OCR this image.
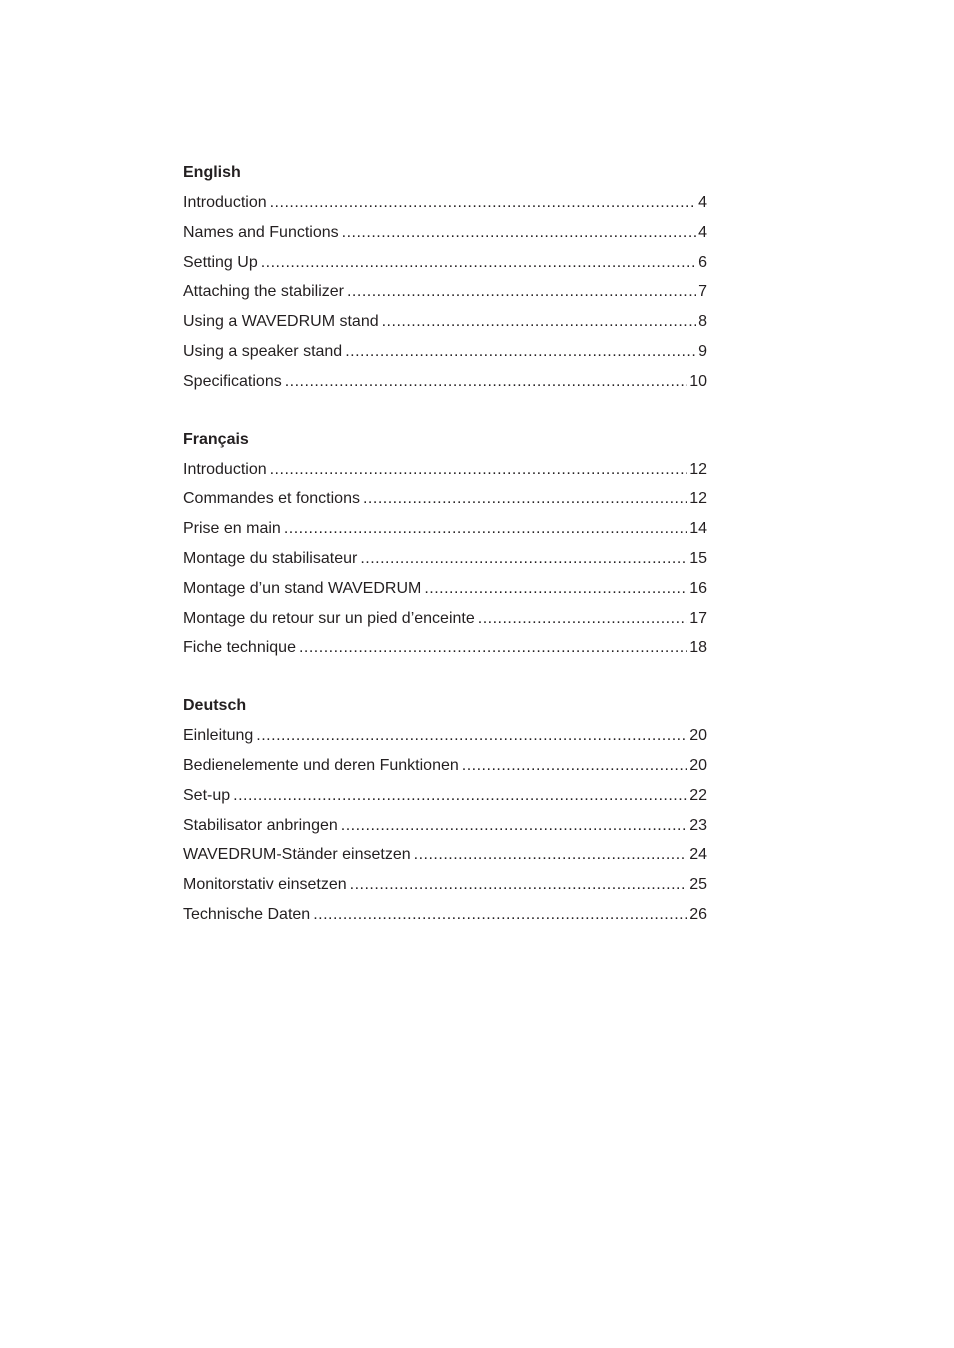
English
Introduction .....	4
Names and Functions .....	4
Setting Up .....	6
Attaching the stabilizer .....	7
Using a WAVEDRUM stand .....	8
Using a speaker stand .....	9
Specifications .....	10
Français
Introduction .....	12
Commandes et fonctions .....	12
Prise en main .....	14
Montage du stabilisateur .....	15
Montage d’un stand WAVEDRUM .....	16
Montage du retour sur un pied d’enceinte .....	17
Fiche technique .....	18
Deutsch
Einleitung .....	20
Bedienelemente und deren Funktionen .....	20
Set-up .....	22
Stabilisator anbringen .....	23
WAVEDRUM-Ständer einsetzen .....	24
Monitorstativ einsetzen .....	25
Technische Daten .....	26
